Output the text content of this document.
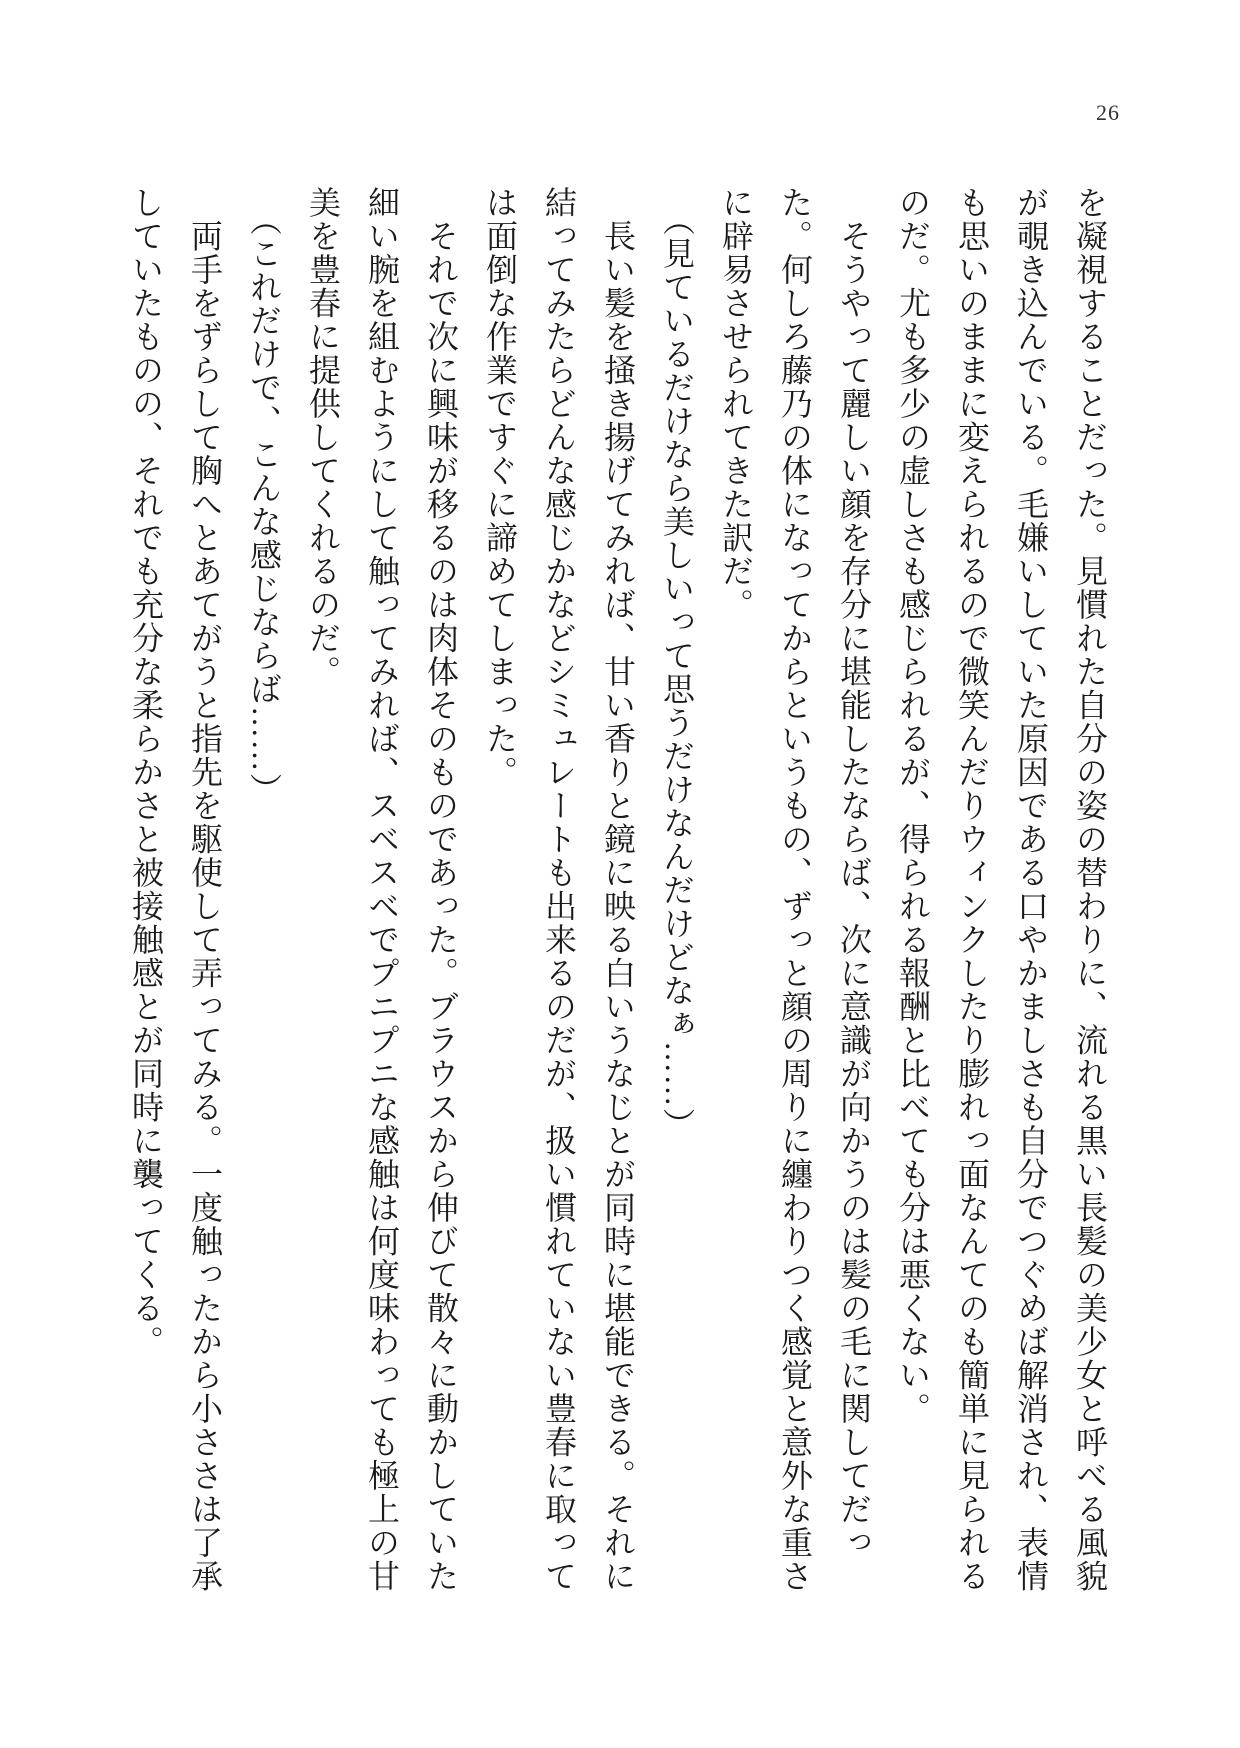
26

を凝視することだった。見慣れた自分の姿の替わりに、流れる黒い長髪の美少女と呼べる風貌

が覗き込んでいる。毛嫌いしていた原因である口やかましさも自分でつぐめば解消され、表情

も思いのままに変えられるので微笑んだりウィンクしたり膨れっ面なんてのも簡単に見られる

のだ。尤も多少の虚しさも感じられるが、得られる報酬と比べても分は悪くない。

　そうやって麗しい顔を存分に堪能したならば、次に意識が向かうのは髪の毛に関してだっ

た。何しろ藤乃の体になってからというもの、ずっと顔の周りに纏わりつく感覚と意外な重さ

に辟易させられてきた訳だ。

　（見ているだけなら美しいって思うだけなんだけどなぁ……）

　長い髪を掻き揚げてみれば、甘い香りと鏡に映る白いうなじとが同時に堪能できる。それに

結ってみたらどんな感じかなどシミュレートも出来るのだが、扱い慣れていない豊春に取って

は面倒な作業ですぐに諦めてしまった。

　それで次に興味が移るのは肉体そのものであった。ブラウスから伸びて散々に動かしていた

細い腕を組むようにして触ってみれば、スベスベでプニプニな感触は何度味わっても極上の甘

美を豊春に提供してくれるのだ。

　（これだけで、こんな感じならば……）

　両手をずらして胸へとあてがうと指先を駆使して弄ってみる。一度触ったから小ささは了承

していたものの、それでも充分な柔らかさと被接触感とが同時に襲ってくる。
